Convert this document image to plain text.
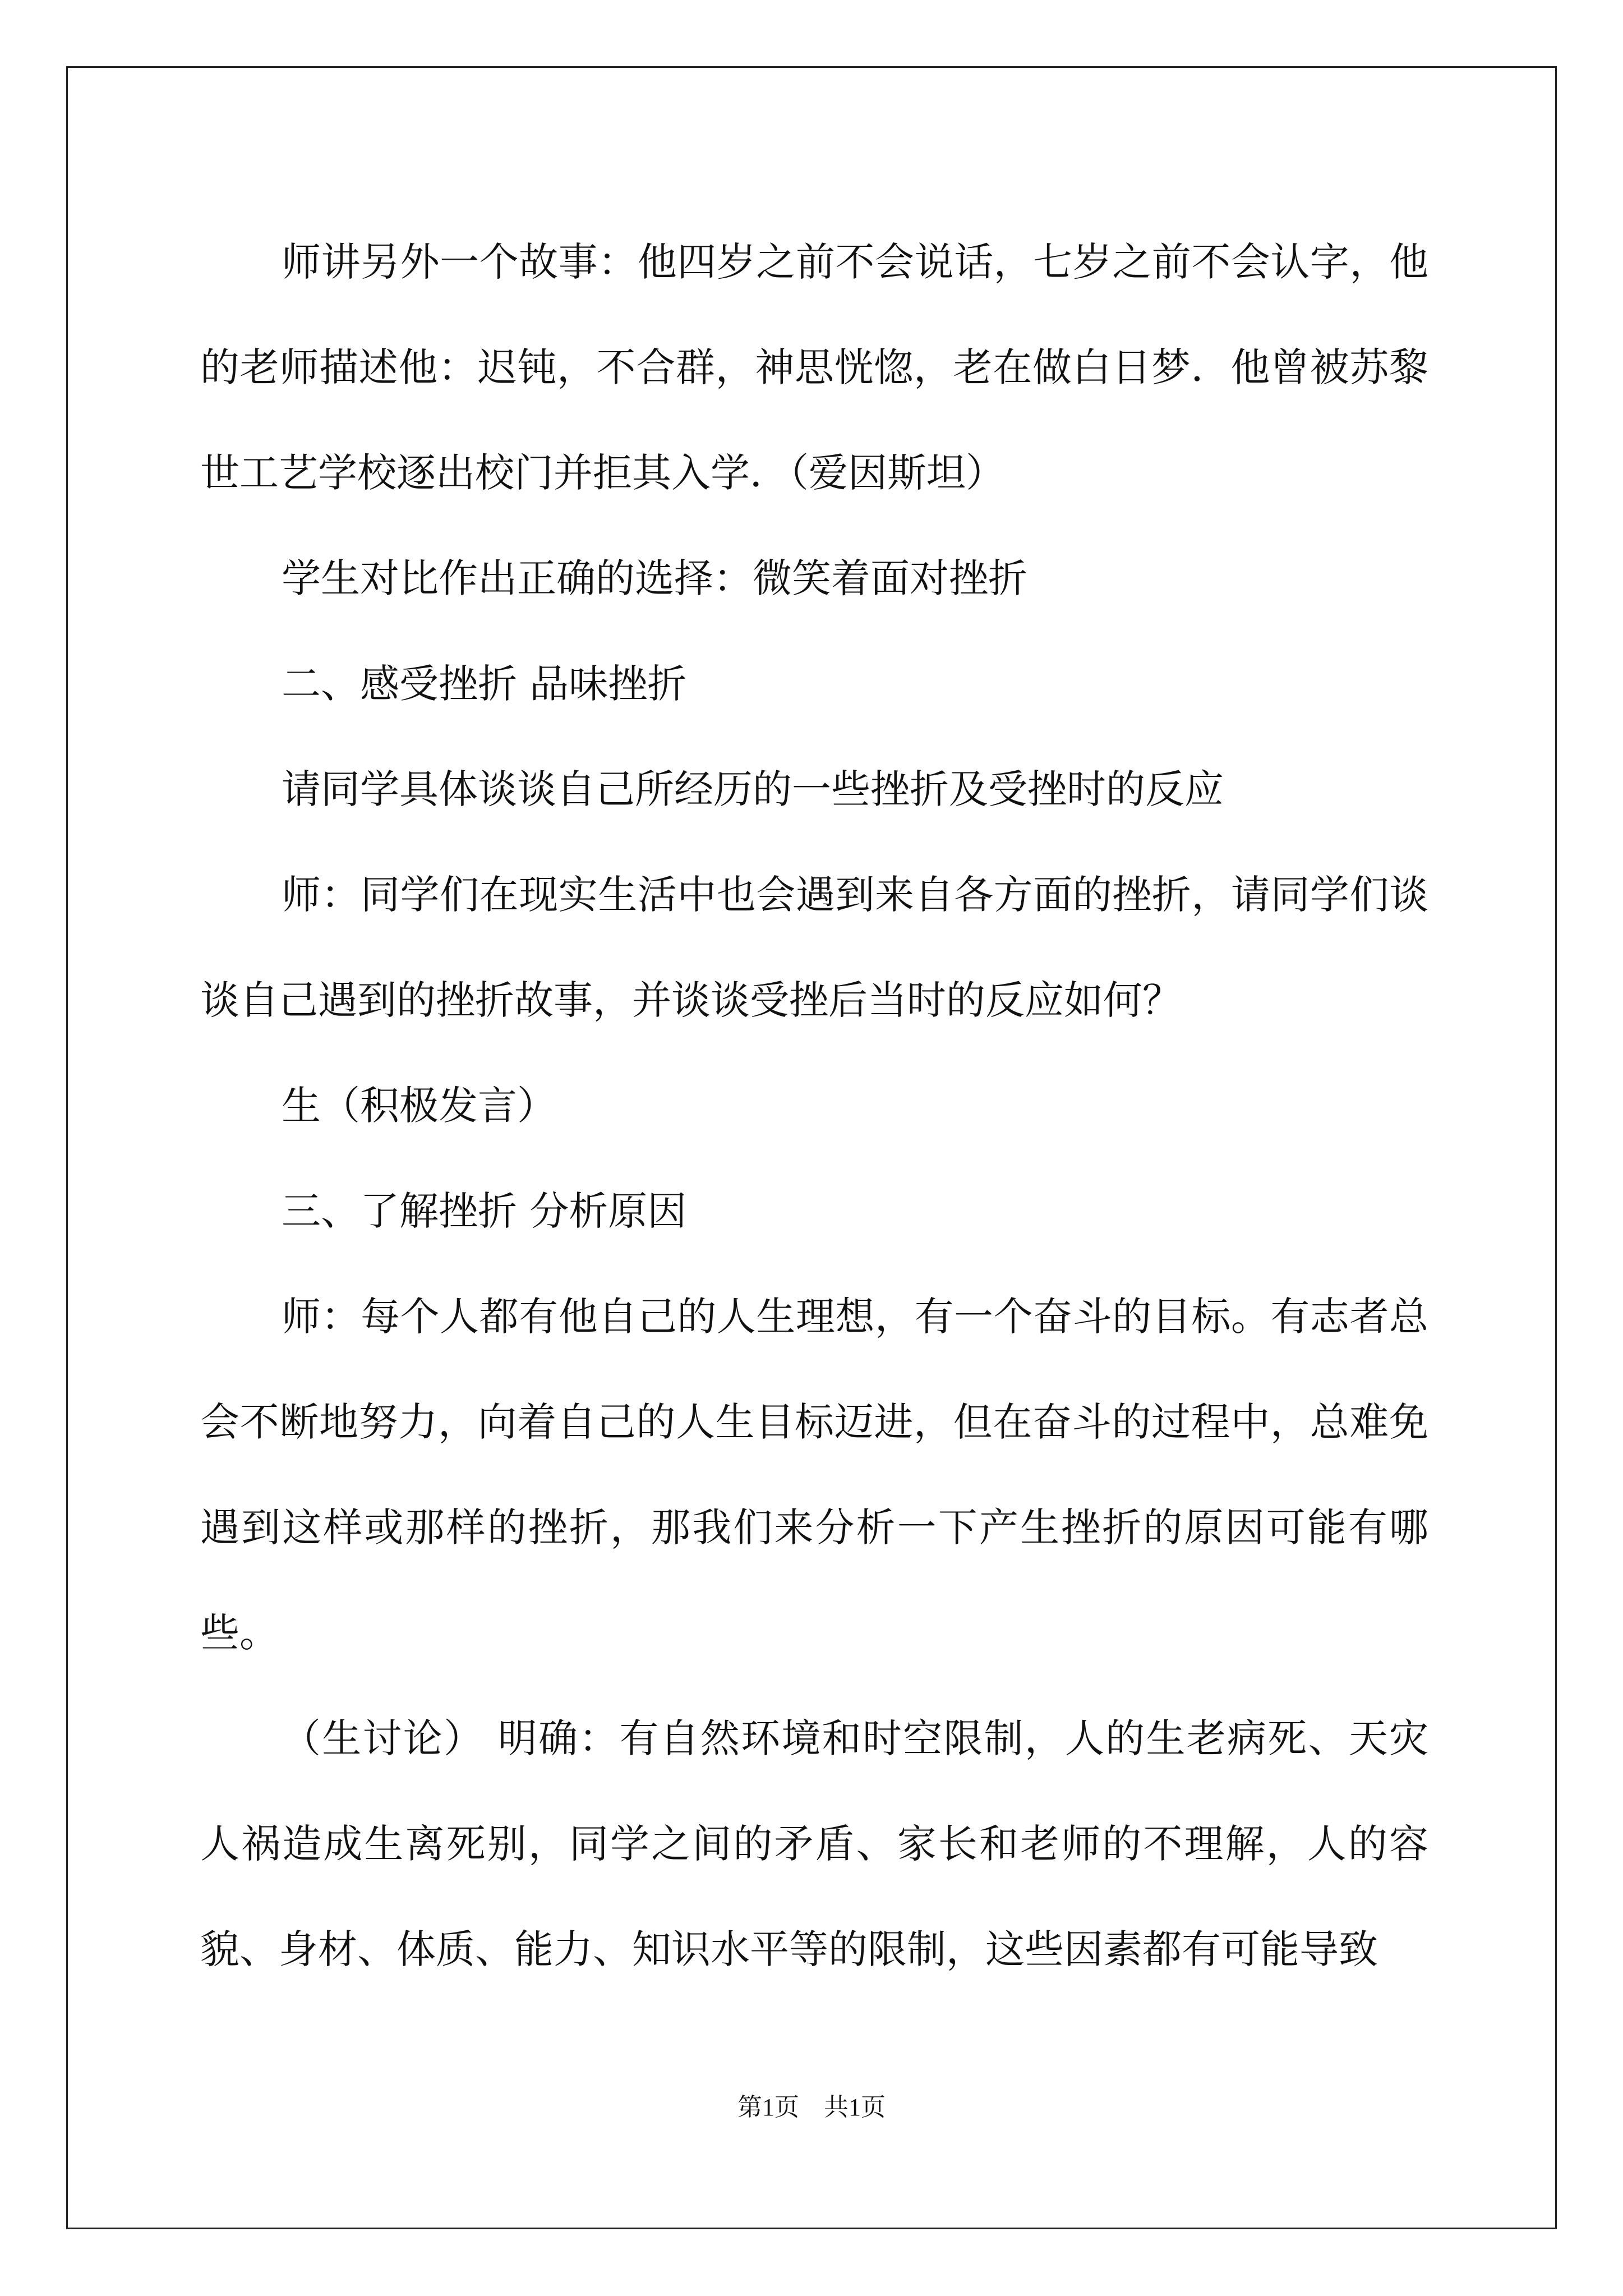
师讲另外一个故事：他四岁之前不会说话，七岁之前不会认字，他的老师描述他：迟钝，不合群，神思恍惚，老在做白日梦．他曾被苏黎世工艺学校逐出校门并拒其入学．（爱因斯坦）

学生对比作出正确的选择：微笑着面对挫折

二、感受挫折 品味挫折

请同学具体谈谈自己所经历的一些挫折及受挫时的反应

师：同学们在现实生活中也会遇到来自各方面的挫折，请同学们谈谈自己遇到的挫折故事，并谈谈受挫后当时的反应如何？

生（积极发言）

三、了解挫折 分析原因

师：每个人都有他自己的人生理想，有一个奋斗的目标。有志者总会不断地努力，向着自己的人生目标迈进，但在奋斗的过程中，总难免遇到这样或那样的挫折，那我们来分析一下产生挫折的原因可能有哪些。

（生讨论） 明确：有自然环境和时空限制，人的生老病死、天灾人祸造成生离死别，同学之间的矛盾、家长和老师的不理解，人的容貌、身材、体质、能力、知识水平等的限制，这些因素都有可能导致

第1页　共1页
